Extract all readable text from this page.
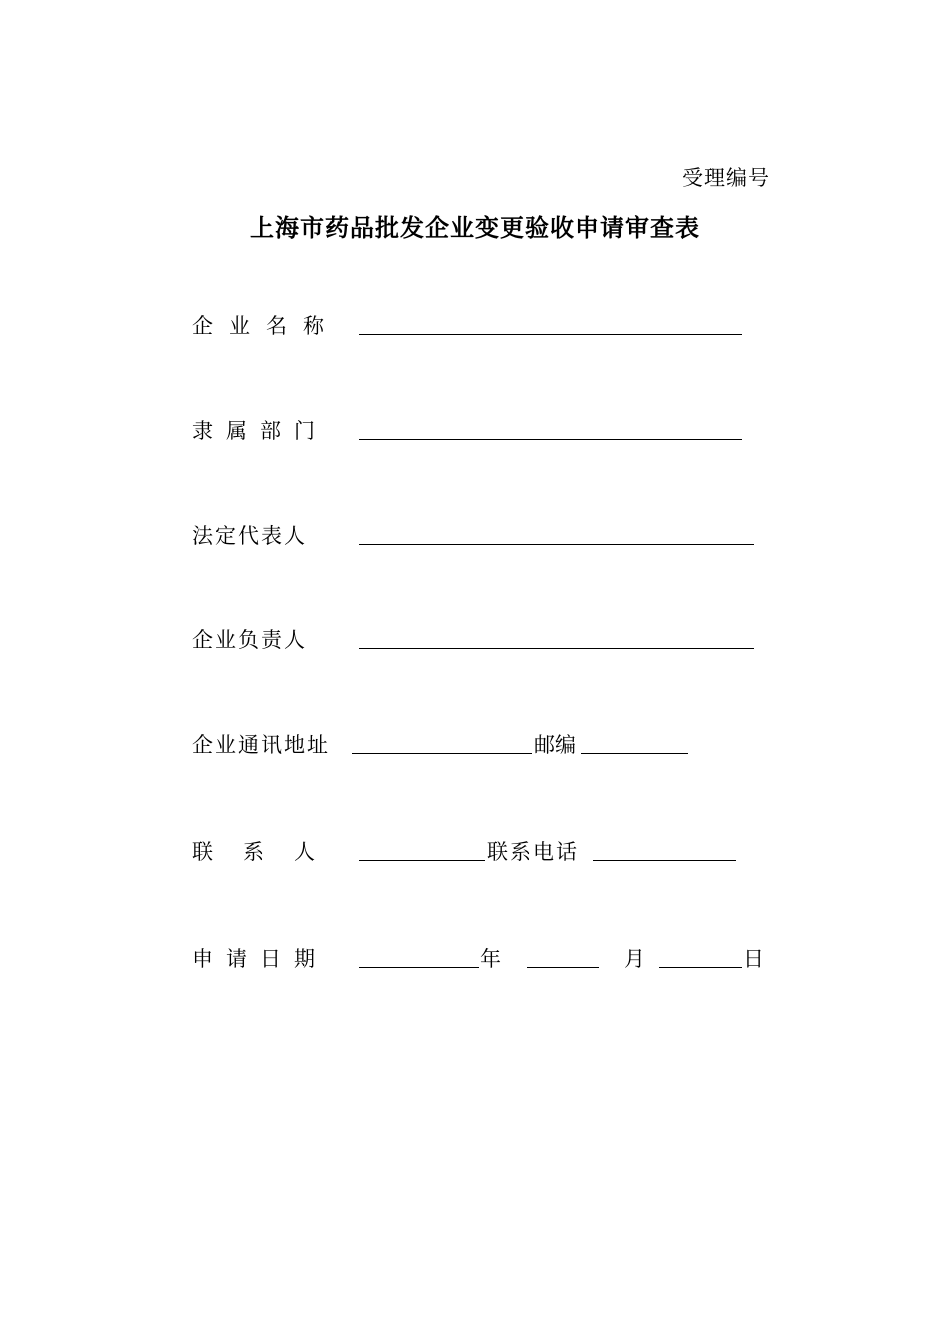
受理编号
上海市药品批发企业变更验收申请审查表
企业名称
隶属部门
法定代表人
企业负责人
企业通讯地址	邮编
联系人	联系电话
申请日期	年	月	日
